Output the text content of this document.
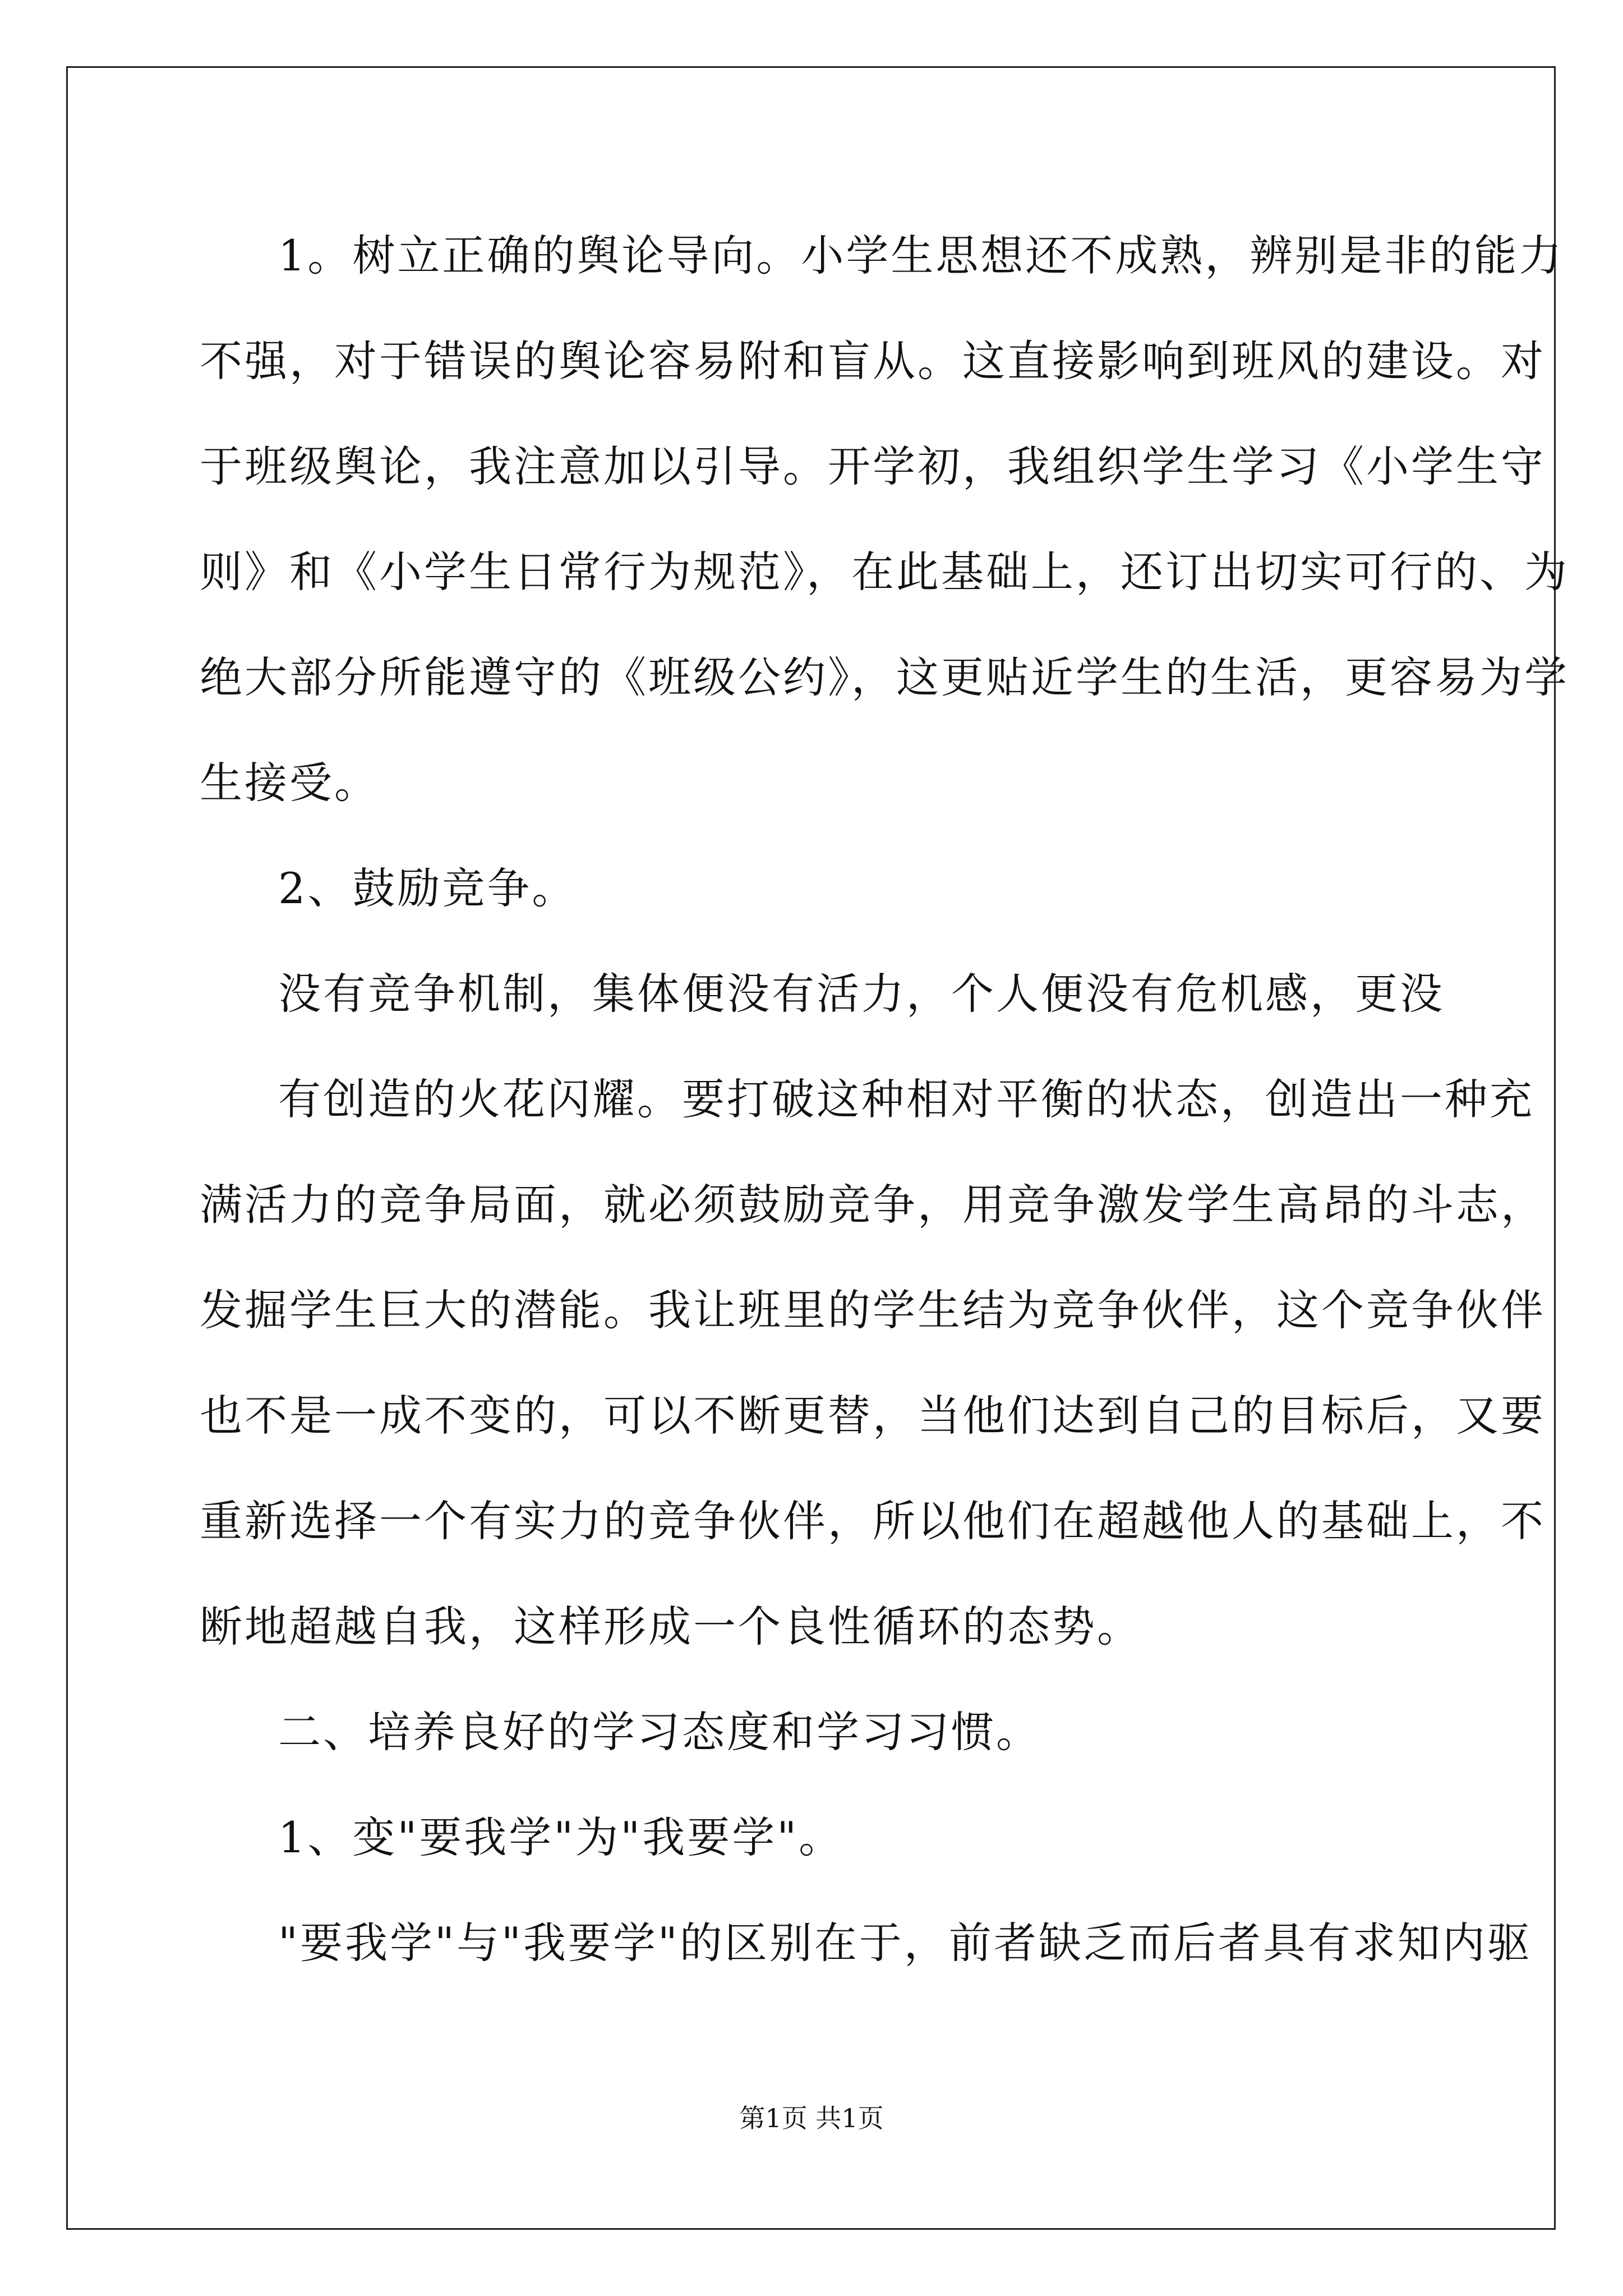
1。树立正确的舆论导向。小学生思想还不成熟，辨别是非的能力
不强，对于错误的舆论容易附和盲从。这直接影响到班风的建设。对
于班级舆论，我注意加以引导。开学初，我组织学生学习《小学生守
则》和《小学生日常行为规范》，在此基础上，还订出切实可行的、为
绝大部分所能遵守的《班级公约》，这更贴近学生的生活，更容易为学
生接受。
2、鼓励竞争。
没有竞争机制，集体便没有活力，个人便没有危机感，更没
有创造的火花闪耀。要打破这种相对平衡的状态，创造出一种充
满活力的竞争局面，就必须鼓励竞争，用竞争激发学生高昂的斗志，
发掘学生巨大的潜能。我让班里的学生结为竞争伙伴，这个竞争伙伴
也不是一成不变的，可以不断更替，当他们达到自己的目标后，又要
重新选择一个有实力的竞争伙伴，所以他们在超越他人的基础上，不
断地超越自我，这样形成一个良性循环的态势。
二、培养良好的学习态度和学习习惯。
1、变"要我学"为"我要学"。
"要我学"与"我要学"的区别在于，前者缺乏而后者具有求知内驱
第1页 共1页
